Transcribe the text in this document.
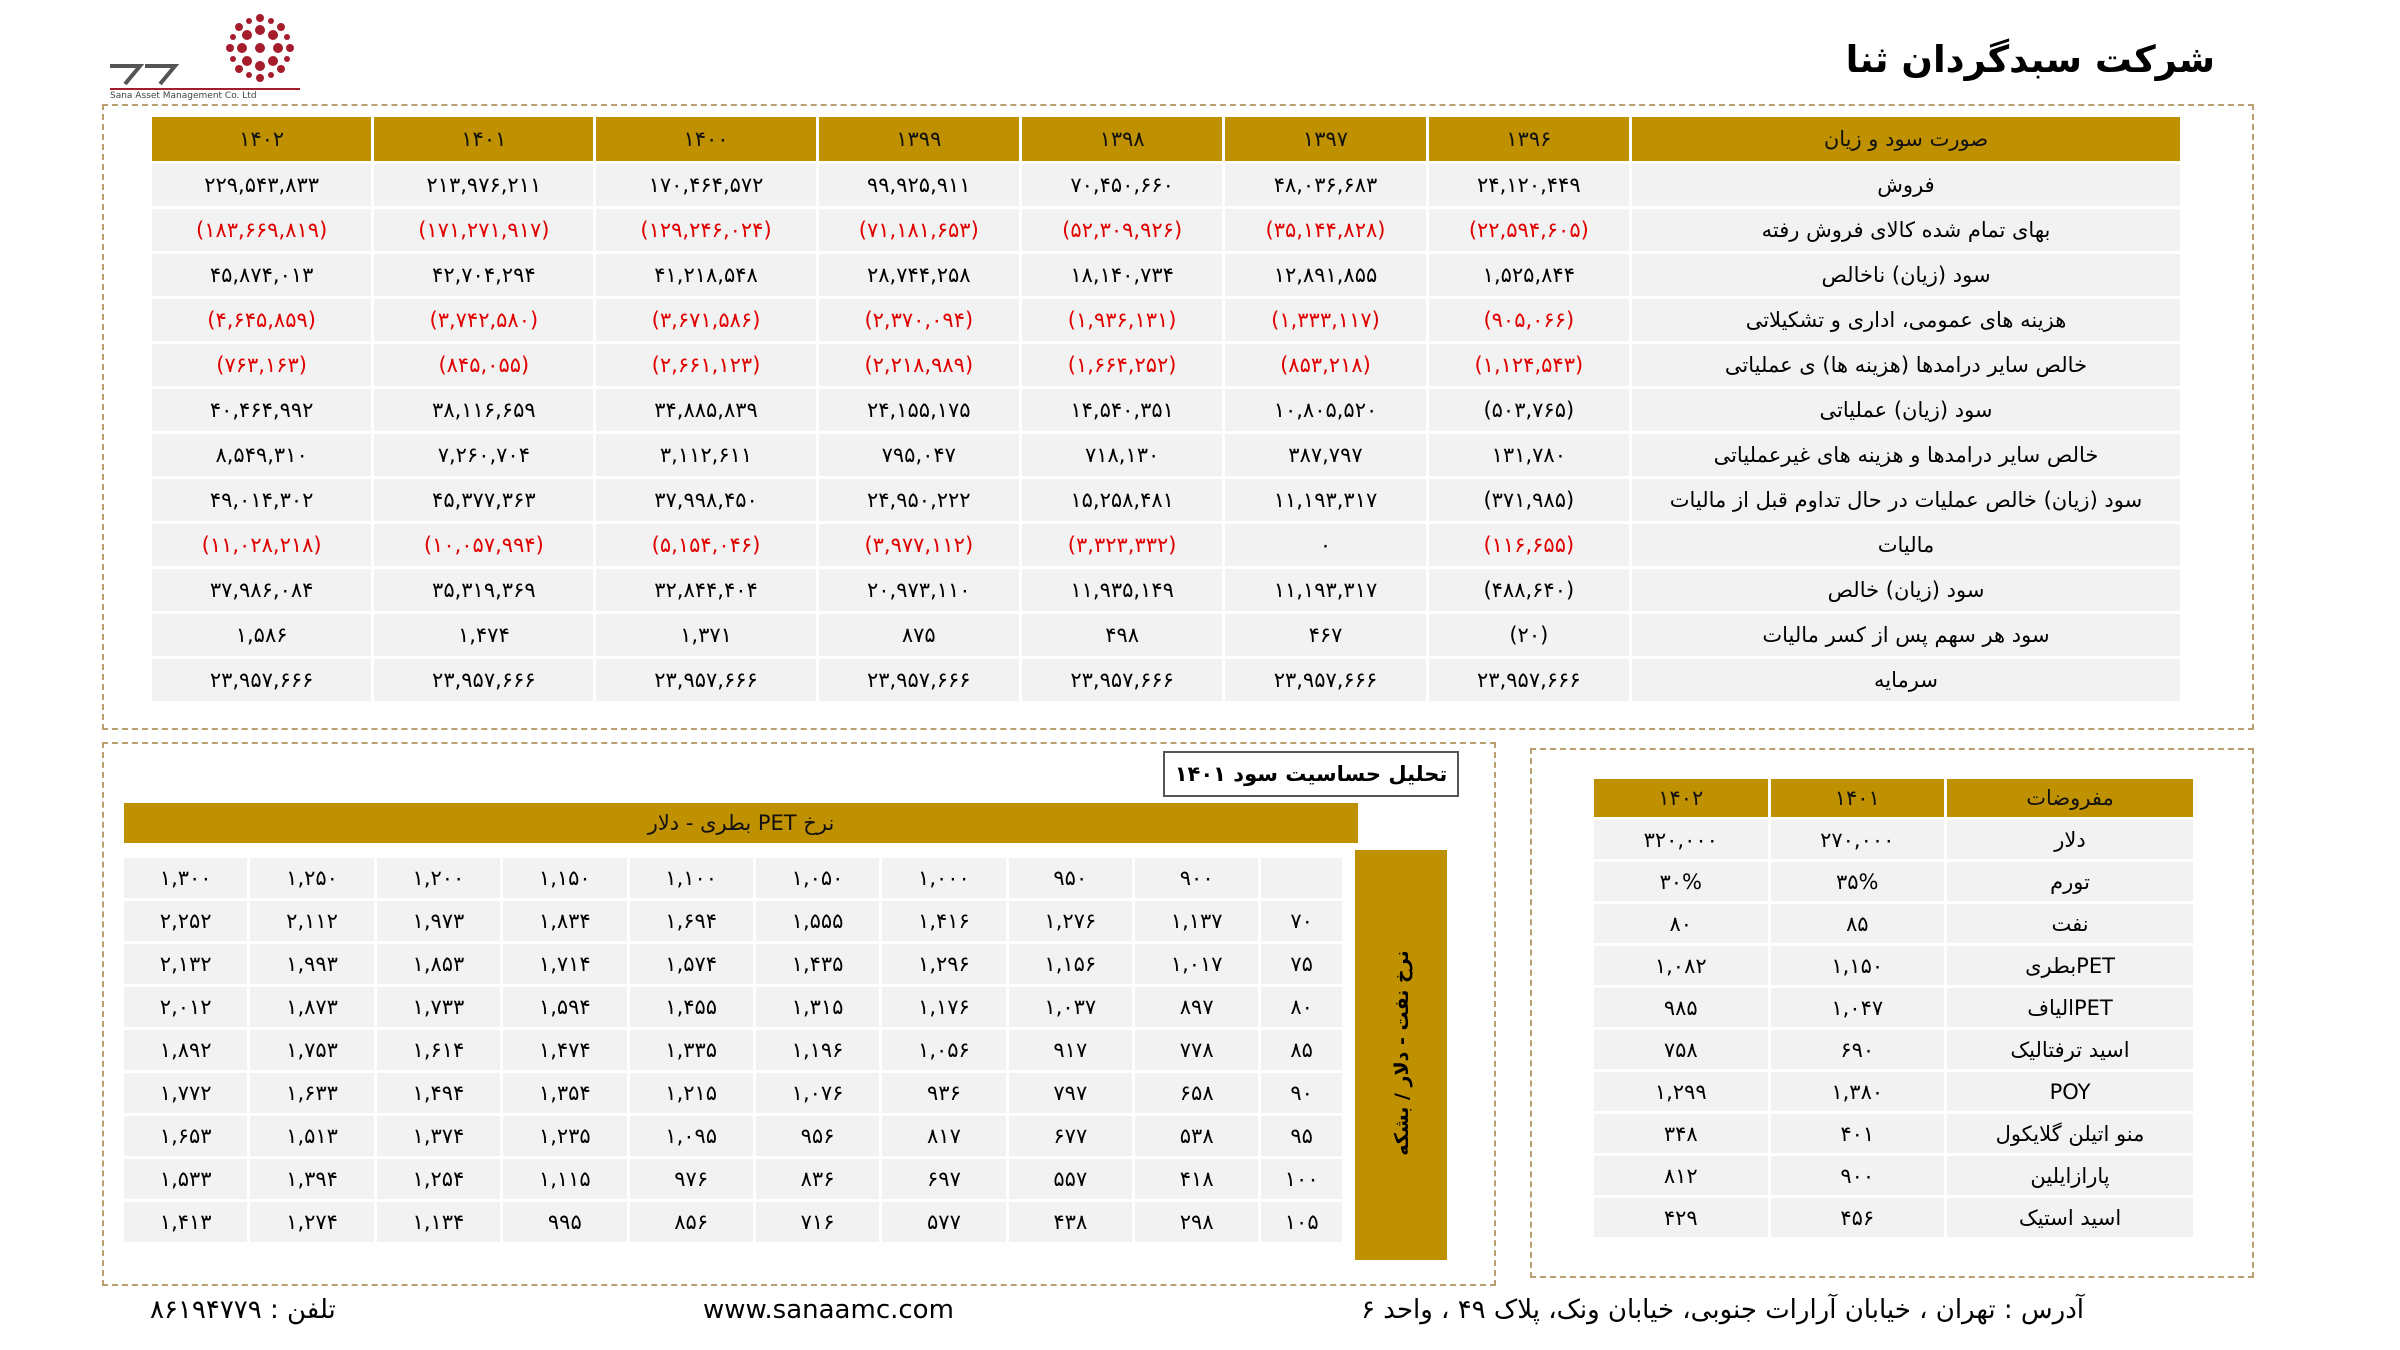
شرکت سبدگردان ثنا
Sana Asset Management Co. Ltd
صورت سود و زیان	۱۳۹۶	۱۳۹۷	۱۳۹۸	۱۳۹۹	۱۴۰۰	۱۴۰۱	۱۴۰۲
فروش	۲۴,۱۲۰,۴۴۹	۴۸,۰۳۶,۶۸۳	۷۰,۴۵۰,۶۶۰	۹۹,۹۲۵,۹۱۱	۱۷۰,۴۶۴,۵۷۲	۲۱۳,۹۷۶,۲۱۱	۲۲۹,۵۴۳,۸۳۳
بهای تمام شده کالای فروش رفته	(۲۲,۵۹۴,۶۰۵)	(۳۵,۱۴۴,۸۲۸)	(۵۲,۳۰۹,۹۲۶)	(۷۱,۱۸۱,۶۵۳)	(۱۲۹,۲۴۶,۰۲۴)	(۱۷۱,۲۷۱,۹۱۷)	(۱۸۳,۶۶۹,۸۱۹)
سود (زیان) ناخالص	۱,۵۲۵,۸۴۴	۱۲,۸۹۱,۸۵۵	۱۸,۱۴۰,۷۳۴	۲۸,۷۴۴,۲۵۸	۴۱,۲۱۸,۵۴۸	۴۲,۷۰۴,۲۹۴	۴۵,۸۷۴,۰۱۳
هزینه های عمومی، اداری و تشکیلاتی	(۹۰۵,۰۶۶)	(۱,۳۳۳,۱۱۷)	(۱,۹۳۶,۱۳۱)	(۲,۳۷۰,۰۹۴)	(۳,۶۷۱,۵۸۶)	(۳,۷۴۲,۵۸۰)	(۴,۶۴۵,۸۵۹)
خالص سایر درامدها (هزینه ها) ی عملیاتی	(۱,۱۲۴,۵۴۳)	(۸۵۳,۲۱۸)	(۱,۶۶۴,۲۵۲)	(۲,۲۱۸,۹۸۹)	(۲,۶۶۱,۱۲۳)	(۸۴۵,۰۵۵)	(۷۶۳,۱۶۳)
سود (زیان) عملیاتی	(۵۰۳,۷۶۵)	۱۰,۸۰۵,۵۲۰	۱۴,۵۴۰,۳۵۱	۲۴,۱۵۵,۱۷۵	۳۴,۸۸۵,۸۳۹	۳۸,۱۱۶,۶۵۹	۴۰,۴۶۴,۹۹۲
خالص سایر درامدها و هزینه های غیرعملیاتی	۱۳۱,۷۸۰	۳۸۷,۷۹۷	۷۱۸,۱۳۰	۷۹۵,۰۴۷	۳,۱۱۲,۶۱۱	۷,۲۶۰,۷۰۴	۸,۵۴۹,۳۱۰
سود (زیان) خالص عملیات در حال تداوم قبل از مالیات	(۳۷۱,۹۸۵)	۱۱,۱۹۳,۳۱۷	۱۵,۲۵۸,۴۸۱	۲۴,۹۵۰,۲۲۲	۳۷,۹۹۸,۴۵۰	۴۵,۳۷۷,۳۶۳	۴۹,۰۱۴,۳۰۲
مالیات	(۱۱۶,۶۵۵)	۰	(۳,۳۲۳,۳۳۲)	(۳,۹۷۷,۱۱۲)	(۵,۱۵۴,۰۴۶)	(۱۰,۰۵۷,۹۹۴)	(۱۱,۰۲۸,۲۱۸)
سود (زیان) خالص	(۴۸۸,۶۴۰)	۱۱,۱۹۳,۳۱۷	۱۱,۹۳۵,۱۴۹	۲۰,۹۷۳,۱۱۰	۳۲,۸۴۴,۴۰۴	۳۵,۳۱۹,۳۶۹	۳۷,۹۸۶,۰۸۴
سود هر سهم پس از کسر مالیات	(۲۰)	۴۶۷	۴۹۸	۸۷۵	۱,۳۷۱	۱,۴۷۴	۱,۵۸۶
سرمایه	۲۳,۹۵۷,۶۶۶	۲۳,۹۵۷,۶۶۶	۲۳,۹۵۷,۶۶۶	۲۳,۹۵۷,۶۶۶	۲۳,۹۵۷,۶۶۶	۲۳,۹۵۷,۶۶۶	۲۳,۹۵۷,۶۶۶
تحلیل حساسیت سود ۱۴۰۱
نرخ PET بطری - دلار
نرخ نفت - دلار / بشکه
	۹۰۰	۹۵۰	۱,۰۰۰	۱,۰۵۰	۱,۱۰۰	۱,۱۵۰	۱,۲۰۰	۱,۲۵۰	۱,۳۰۰
۷۰	۱,۱۳۷	۱,۲۷۶	۱,۴۱۶	۱,۵۵۵	۱,۶۹۴	۱,۸۳۴	۱,۹۷۳	۲,۱۱۲	۲,۲۵۲
۷۵	۱,۰۱۷	۱,۱۵۶	۱,۲۹۶	۱,۴۳۵	۱,۵۷۴	۱,۷۱۴	۱,۸۵۳	۱,۹۹۳	۲,۱۳۲
۸۰	۸۹۷	۱,۰۳۷	۱,۱۷۶	۱,۳۱۵	۱,۴۵۵	۱,۵۹۴	۱,۷۳۳	۱,۸۷۳	۲,۰۱۲
۸۵	۷۷۸	۹۱۷	۱,۰۵۶	۱,۱۹۶	۱,۳۳۵	۱,۴۷۴	۱,۶۱۴	۱,۷۵۳	۱,۸۹۲
۹۰	۶۵۸	۷۹۷	۹۳۶	۱,۰۷۶	۱,۲۱۵	۱,۳۵۴	۱,۴۹۴	۱,۶۳۳	۱,۷۷۲
۹۵	۵۳۸	۶۷۷	۸۱۷	۹۵۶	۱,۰۹۵	۱,۲۳۵	۱,۳۷۴	۱,۵۱۳	۱,۶۵۳
۱۰۰	۴۱۸	۵۵۷	۶۹۷	۸۳۶	۹۷۶	۱,۱۱۵	۱,۲۵۴	۱,۳۹۴	۱,۵۳۳
۱۰۵	۲۹۸	۴۳۸	۵۷۷	۷۱۶	۸۵۶	۹۹۵	۱,۱۳۴	۱,۲۷۴	۱,۴۱۳
مفروضات	۱۴۰۱	۱۴۰۲
دلار	۲۷۰,۰۰۰	۳۲۰,۰۰۰
تورم	۳۵%	۳۰%
نفت	۸۵	۸۰
PETبطری	۱,۱۵۰	۱,۰۸۲
PETالیاف	۱,۰۴۷	۹۸۵
اسید ترفتالیک	۶۹۰	۷۵۸
POY	۱,۳۸۰	۱,۲۹۹
منو اتیلن گلایکول	۴۰۱	۳۴۸
پارازایلین	۹۰۰	۸۱۲
اسید استیک	۴۵۶	۴۲۹
آدرس : تهران ، خیابان آرارات جنوبی، خیابان ونک، پلاک ۴۹ ، واحد ۶
www.sanaamc.com
تلفن : ۸۶۱۹۴۷۷۹
